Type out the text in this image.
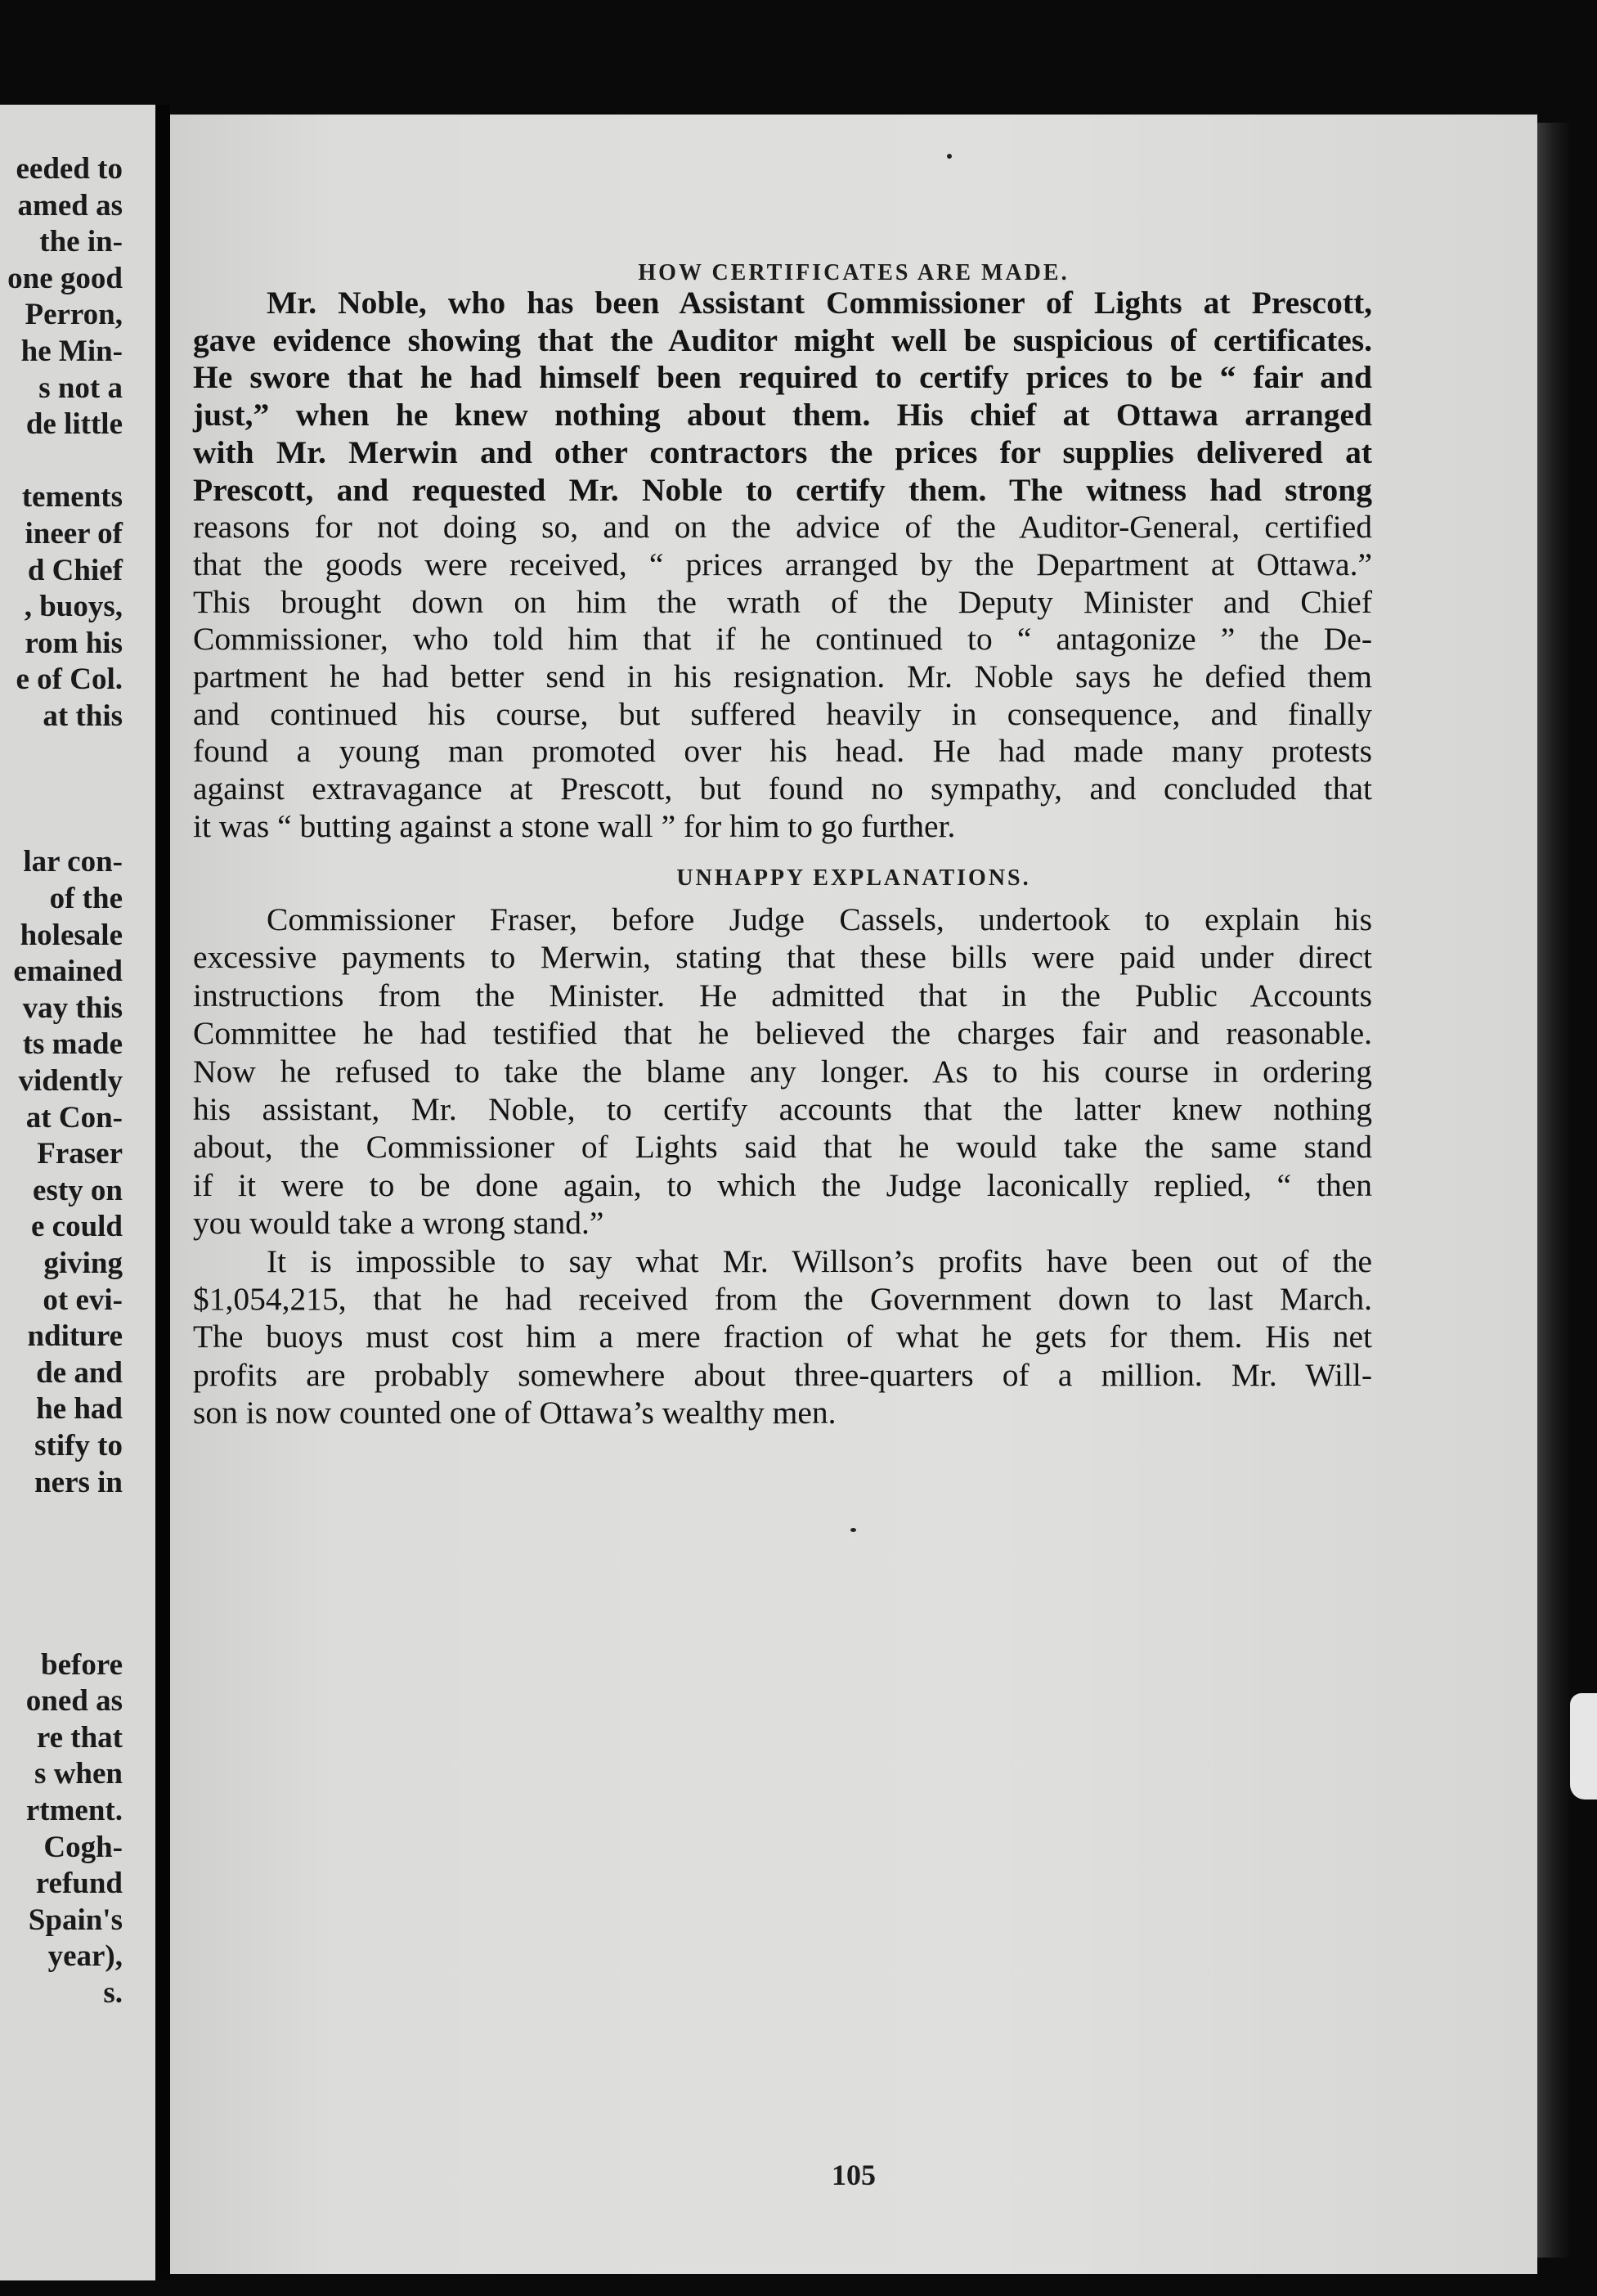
eeded to

amed as

the in-

one good

Perron,

he Min-

s not a

de little

tements

ineer of

d Chief

, buoys,

rom his

e of Col.

at this

lar con-

of the

holesale

emained

vay this

ts made

vidently

at Con-

Fraser

esty on

e could

giving

ot evi-

nditure

de and

he had

stify to

ners in

before

oned as

re that

s when

rtment.

Cogh-

refund

Spain's

year),

s.

HOW CERTIFICATES ARE MADE.

Mr. Noble, who has been Assistant Commissioner of Lights at Prescott,

gave evidence showing that the Auditor might well be suspicious of certificates.

He swore that he had himself been required to certify prices to be “ fair and

just,” when he knew nothing about them. His chief at Ottawa arranged

with Mr. Merwin and other contractors the prices for supplies delivered at

Prescott, and requested Mr. Noble to certify them. The witness had strong

reasons for not doing so, and on the advice of the Auditor-General, certified

that the goods were received, “ prices arranged by the Department at Ottawa.”

This brought down on him the wrath of the Deputy Minister and Chief

Commissioner, who told him that if he continued to “ antagonize ” the De-

partment he had better send in his resignation. Mr. Noble says he defied them

and continued his course, but suffered heavily in consequence, and finally

found a young man promoted over his head. He had made many protests

against extravagance at Prescott, but found no sympathy, and concluded that

it was “ butting against a stone wall ” for him to go further.

UNHAPPY EXPLANATIONS.

Commissioner Fraser, before Judge Cassels, undertook to explain his

excessive payments to Merwin, stating that these bills were paid under direct

instructions from the Minister. He admitted that in the Public Accounts

Committee he had testified that he believed the charges fair and reasonable.

Now he refused to take the blame any longer. As to his course in ordering

his assistant, Mr. Noble, to certify accounts that the latter knew nothing

about, the Commissioner of Lights said that he would take the same stand

if it were to be done again, to which the Judge laconically replied, “ then

you would take a wrong stand.”

It is impossible to say what Mr. Willson’s profits have been out of the

$1,054,215, that he had received from the Government down to last March.

The buoys must cost him a mere fraction of what he gets for them. His net

profits are probably somewhere about three-quarters of a million. Mr. Will-

son is now counted one of Ottawa’s wealthy men.

105
